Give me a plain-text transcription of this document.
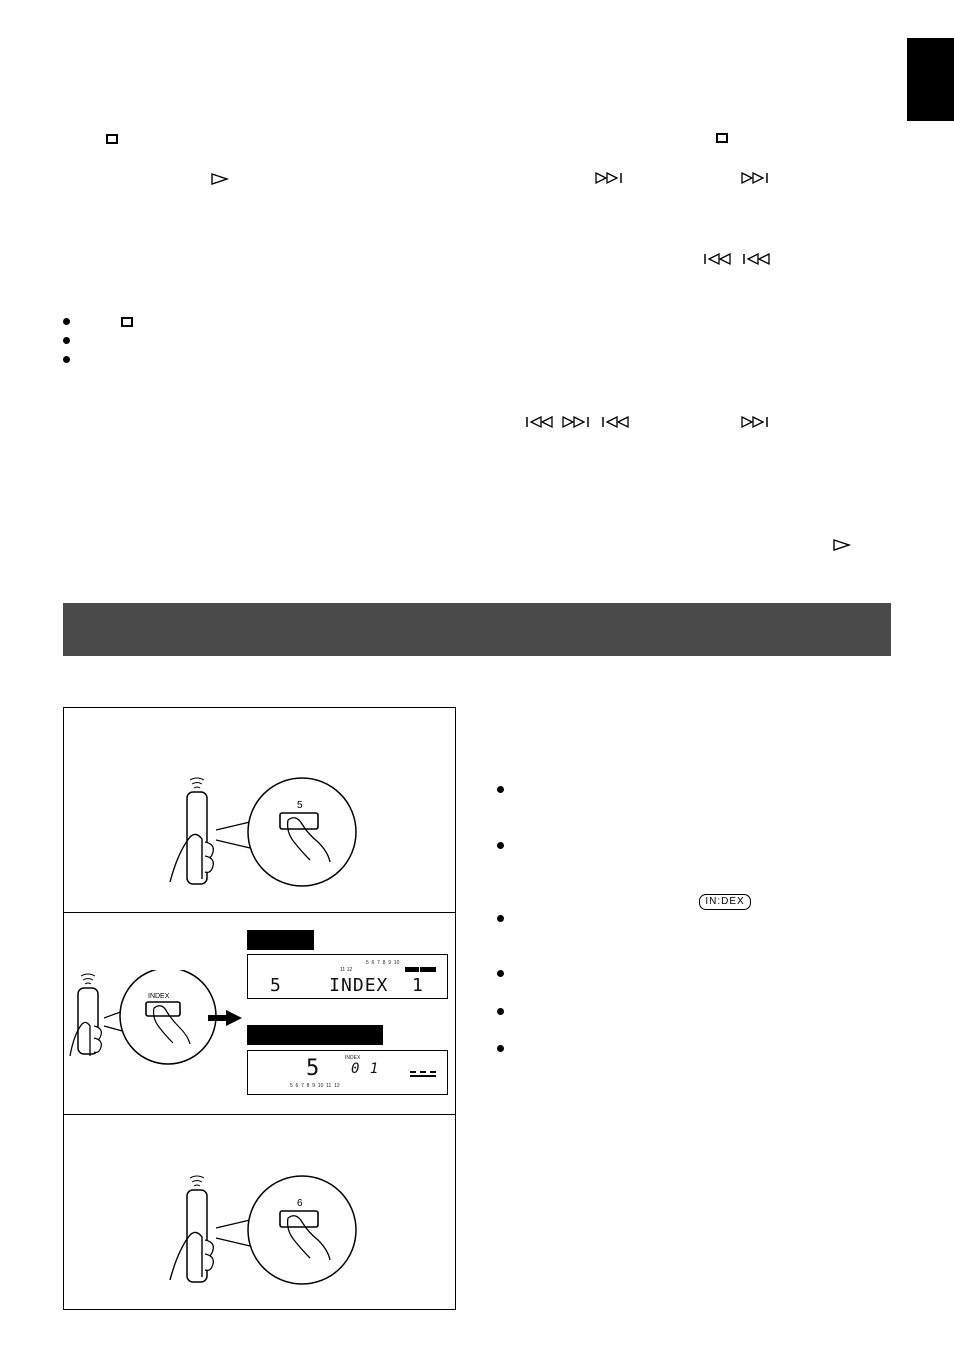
5
INDEX
5  6  7  8  9  10
11 12
5    INDEX  1
5	INDEX
0 1
5  6  7  8  9  10  11  12
6
IN:DEX
